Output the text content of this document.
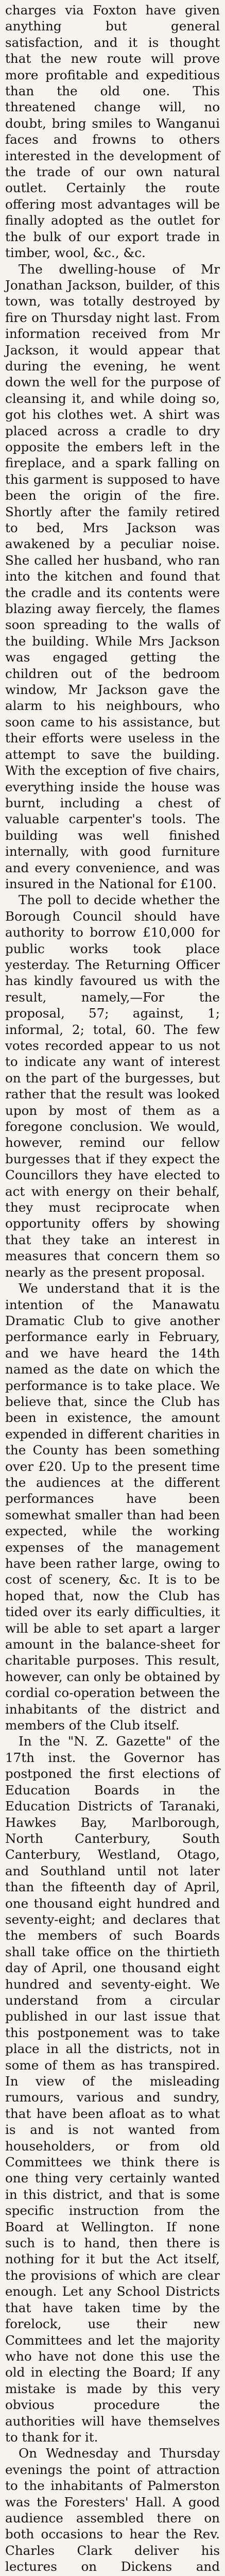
charges via Foxton have given anything but general satisfaction, and it is thought that the new route will prove more profitable and expeditious than the old one. This threatened change will, no doubt, bring smiles to Wanganui faces and frowns to others interested in the development of the trade of our own natural outlet. Certainly the route offering most advantages will be finally adopted as the outlet for the bulk of our export trade in timber, wool, &c., &c.

The dwelling-house of Mr Jonathan Jackson, builder, of this town, was totally destroyed by fire on Thursday night last. From information received from Mr Jackson, it would appear that during the evening, he went down the well for the purpose of cleansing it, and while doing so, got his clothes wet. A shirt was placed across a cradle to dry opposite the embers left in the fireplace, and a spark falling on this garment is supposed to have been the origin of the fire. Shortly after the family retired to bed, Mrs Jackson was awakened by a peculiar noise. She called her husband, who ran into the kitchen and found that the cradle and its contents were blazing away fiercely, the flames soon spreading to the walls of the building. While Mrs Jackson was engaged getting the children out of the bedroom window, Mr Jackson gave the alarm to his neighbours, who soon came to his assistance, but their efforts were useless in the attempt to save the building. With the exception of five chairs, everything inside the house was burnt, including a chest of valuable carpenter's tools. The building was well finished internally, with good furniture and every convenience, and was insured in the National for £100.

The poll to decide whether the Borough Council should have authority to borrow £10,000 for public works took place yesterday. The Returning Officer has kindly favoured us with the result, namely,—For the proposal, 57; against, 1; informal, 2; total, 60. The few votes recorded appear to us not to indicate any want of interest on the part of the burgesses, but rather that the result was looked upon by most of them as a foregone conclusion. We would, however, remind our fellow burgesses that if they expect the Councillors they have elected to act with energy on their behalf, they must reciprocate when opportunity offers by showing that they take an interest in measures that concern them so nearly as the present proposal.

We understand that it is the intention of the Manawatu Dramatic Club to give another performance early in February, and we have heard the 14th named as the date on which the performance is to take place. We believe that, since the Club has been in existence, the amount expended in different charities in the County has been something over £20. Up to the present time the audiences at the different performances have been somewhat smaller than had been expected, while the working expenses of the management have been rather large, owing to cost of scenery, &c. It is to be hoped that, now the Club has tided over its early difficulties, it will be able to set apart a larger amount in the balance-sheet for charitable purposes. This result, however, can only be obtained by cordial co-operation between the inhabitants of the district and members of the Club itself.

In the "N. Z. Gazette" of the 17th inst. the Governor has postponed the first elections of Education Boards in the Education Districts of Taranaki, Hawkes Bay, Marlborough, North Canterbury, South Canterbury, Westland, Otago, and Southland until not later than the fifteenth day of April, one thousand eight hundred and seventy-eight; and declares that the members of such Boards shall take office on the thirtieth day of April, one thousand eight hundred and seventy-eight. We understand from a circular published in our last issue that this postponement was to take place in all the districts, not in some of them as has transpired. In view of the misleading rumours, various and sundry, that have been afloat as to what is and is not wanted from householders, or from old Committees we think there is one thing very certainly wanted in this district, and that is some specific instruction from the Board at Wellington. If none such is to hand, then there is nothing for it but the Act itself, the provisions of which are clear enough. Let any School Districts that have taken time by the forelock, use their new Committees and let the majority who have not done this use the old in electing the Board; If any mistake is made by this very obvious procedure the authorities will have themselves to thank for it.

On Wednesday and Thursday evenings the point of attraction to the inhabitants of Palmerston was the Foresters' Hall. A good audience assembled there on both occasions to hear the Rev. Charles Clark deliver his lectures on Dickens and
